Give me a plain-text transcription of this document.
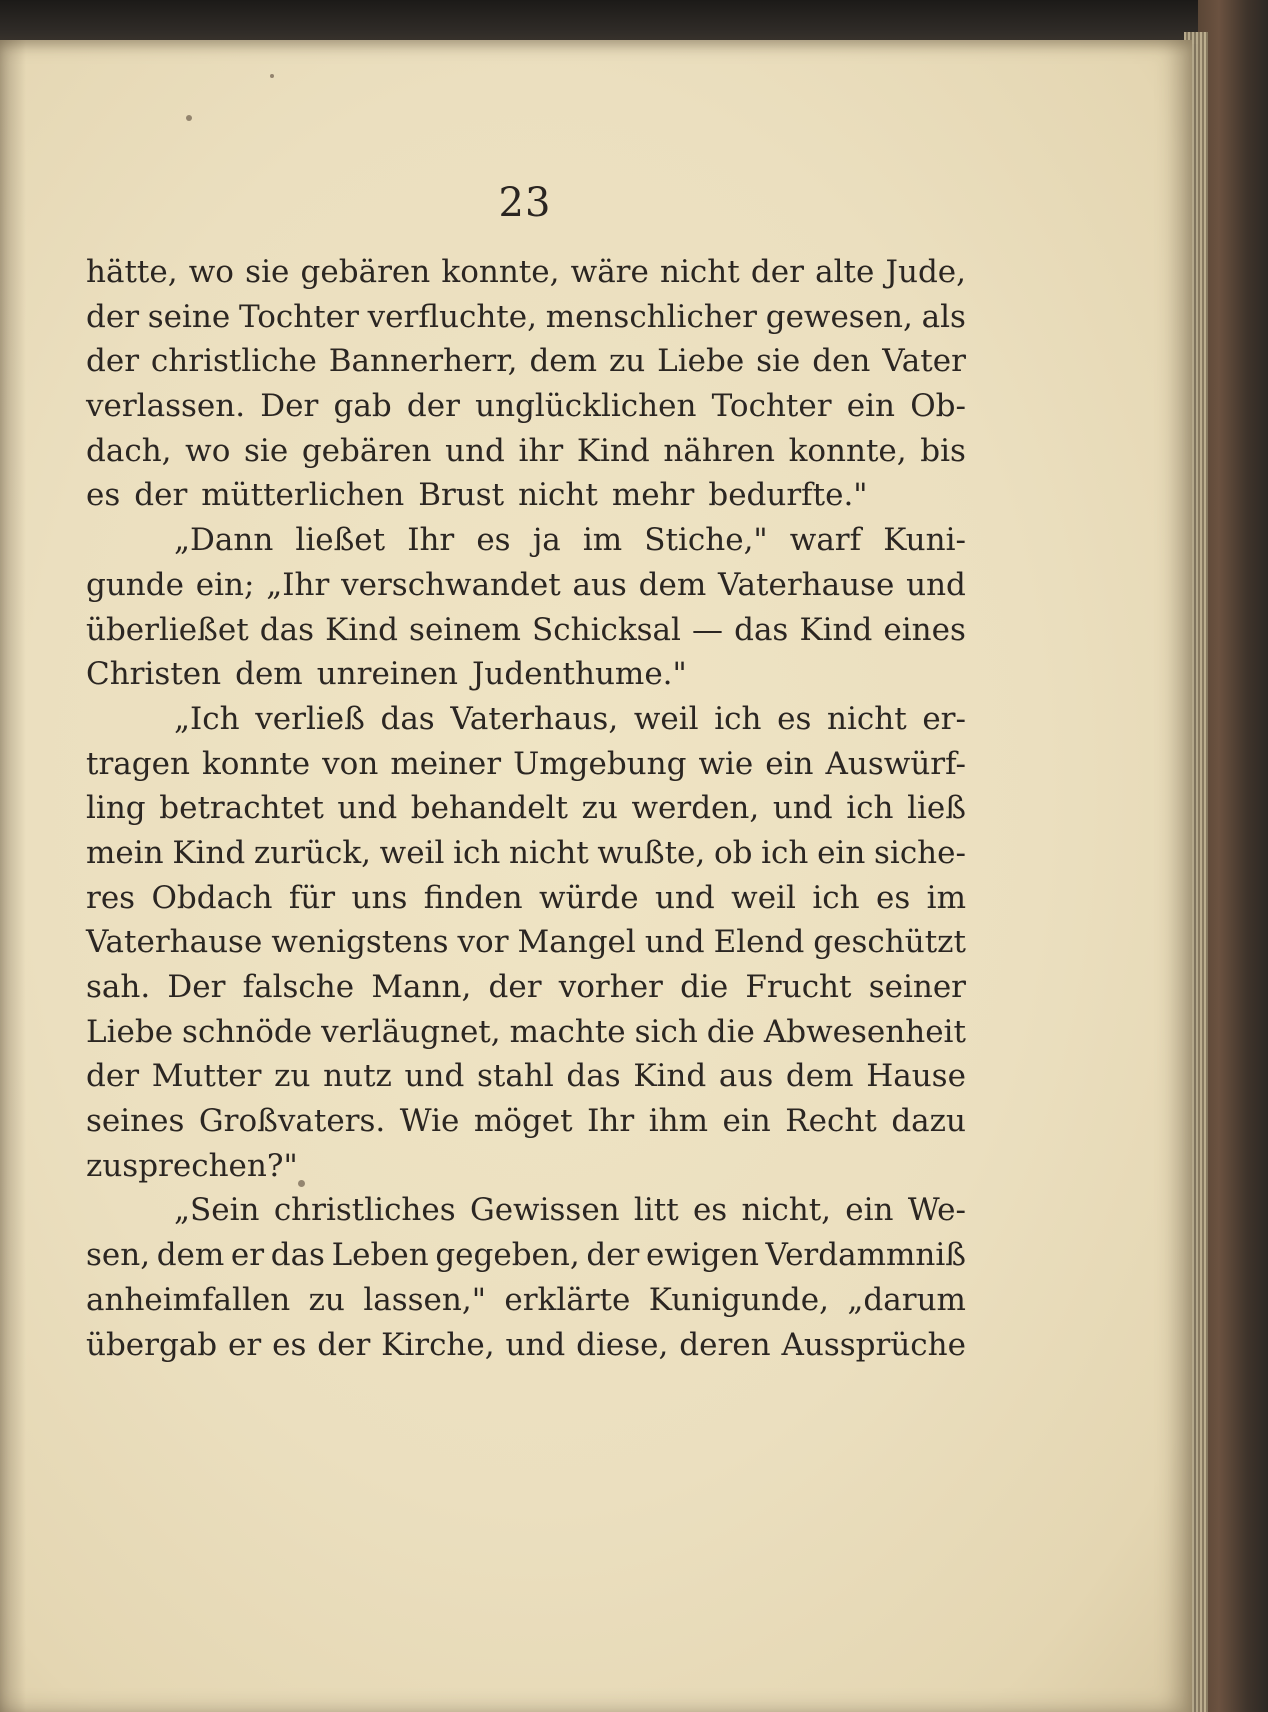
23
hätte, wo sie gebären konnte, wäre nicht der alte Jude,
der seine Tochter verfluchte, menschlicher gewesen, als
der christliche Bannerherr, dem zu Liebe sie den Vater
verlassen. Der gab der unglücklichen Tochter ein Ob-
dach, wo sie gebären und ihr Kind nähren konnte, bis
es der mütterlichen Brust nicht mehr bedurfte."
„Dann ließet Ihr es ja im Stiche," warf Kuni-
gunde ein; „Ihr verschwandet aus dem Vaterhause und
überließet das Kind seinem Schicksal — das Kind eines
Christen dem unreinen Judenthume."
„Ich verließ das Vaterhaus, weil ich es nicht er-
tragen konnte von meiner Umgebung wie ein Auswürf-
ling betrachtet und behandelt zu werden, und ich ließ
mein Kind zurück, weil ich nicht wußte, ob ich ein siche-
res Obdach für uns finden würde und weil ich es im
Vaterhause wenigstens vor Mangel und Elend geschützt
sah. Der falsche Mann, der vorher die Frucht seiner
Liebe schnöde verläugnet, machte sich die Abwesenheit
der Mutter zu nutz und stahl das Kind aus dem Hause
seines Großvaters. Wie möget Ihr ihm ein Recht dazu
zusprechen?"
„Sein christliches Gewissen litt es nicht, ein We-
sen, dem er das Leben gegeben, der ewigen Verdammniß
anheimfallen zu lassen," erklärte Kunigunde, „darum
übergab er es der Kirche, und diese, deren Aussprüche
